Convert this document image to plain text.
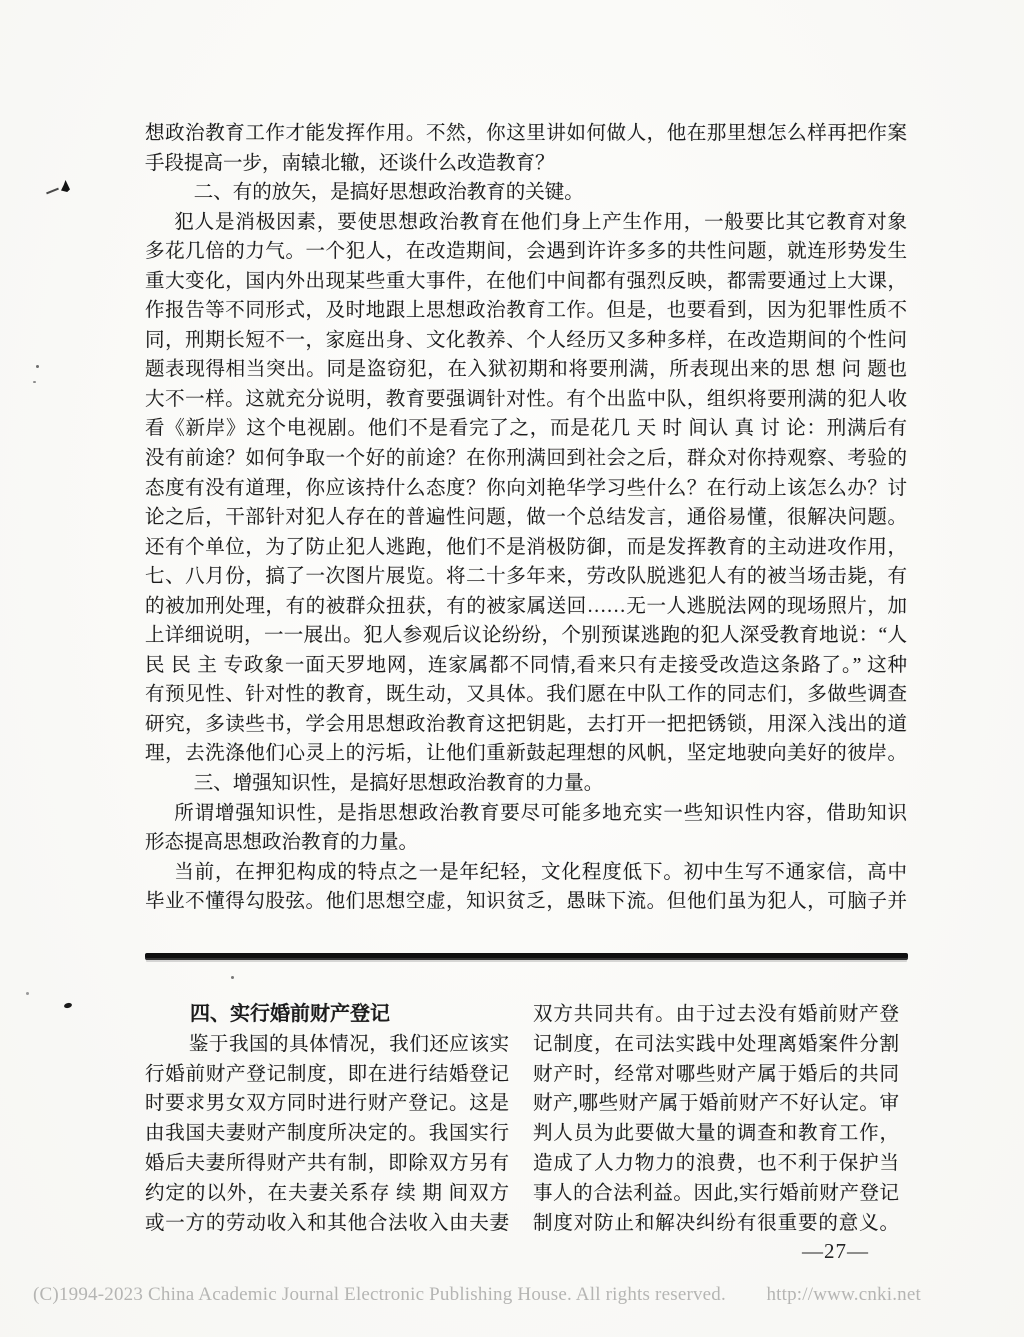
想政治教育工作才能发挥作用。不然，你这里讲如何做人，他在那里想怎么样再把作案
手段提高一步，南辕北辙，还谈什么改造教育？
二、有的放矢，是搞好思想政治教育的关键。
犯人是消极因素，要使思想政治教育在他们身上产生作用，一般要比其它教育对象
多花几倍的力气。一个犯人，在改造期间，会遇到许许多多的共性问题，就连形势发生
重大变化，国内外出现某些重大事件，在他们中间都有强烈反映，都需要通过上大课，
作报告等不同形式，及时地跟上思想政治教育工作。但是，也要看到，因为犯罪性质不
同，刑期长短不一，家庭出身、文化教养、个人经历又多种多样，在改造期间的个性问
题表现得相当突出。同是盗窃犯，在入狱初期和将要刑满，所表现出来的思 想 问 题也
大不一样。这就充分说明，教育要强调针对性。有个出监中队，组织将要刑满的犯人收
看《新岸》这个电视剧。他们不是看完了之，而是花几 天 时 间认 真 讨 论：刑满后有
没有前途？如何争取一个好的前途？在你刑满回到社会之后，群众对你持观察、考验的
态度有没有道理，你应该持什么态度？你向刘艳华学习些什么？在行动上该怎么办？讨
论之后，干部针对犯人存在的普遍性问题，做一个总结发言，通俗易懂，很解决问题。
还有个单位，为了防止犯人逃跑，他们不是消极防御，而是发挥教育的主动进攻作用，
七、八月份，搞了一次图片展览。将二十多年来，劳改队脱逃犯人有的被当场击毙，有
的被加刑处理，有的被群众扭获，有的被家属送回……无一人逃脱法网的现场照片，加
上详细说明，一一展出。犯人参观后议论纷纷，个别预谋逃跑的犯人深受教育地说：“人
民 民 主 专政象一面天罗地网，连家属都不同情,看来只有走接受改造这条路了。” 这种
有预见性、针对性的教育，既生动，又具体。我们愿在中队工作的同志们，多做些调查
研究，多读些书，学会用思想政治教育这把钥匙，去打开一把把锈锁，用深入浅出的道
理，去洗涤他们心灵上的污垢，让他们重新鼓起理想的风帆，坚定地驶向美好的彼岸。
三、增强知识性，是搞好思想政治教育的力量。
所谓增强知识性，是指思想政治教育要尽可能多地充实一些知识性内容，借助知识
形态提高思想政治教育的力量。
当前，在押犯构成的特点之一是年纪轻，文化程度低下。初中生写不通家信，高中
毕业不懂得勾股弦。他们思想空虚，知识贫乏，愚昧下流。但他们虽为犯人，可脑子并
四、实行婚前财产登记
鉴于我国的具体情况，我们还应该实
行婚前财产登记制度，即在进行结婚登记
时要求男女双方同时进行财产登记。这是
由我国夫妻财产制度所决定的。我国实行
婚后夫妻所得财产共有制，即除双方另有
约定的以外，在夫妻关系存 续 期 间双方
或一方的劳动收入和其他合法收入由夫妻
双方共同共有。由于过去没有婚前财产登
记制度，在司法实践中处理离婚案件分割
财产时，经常对哪些财产属于婚后的共同
财产,哪些财产属于婚前财产不好认定。审
判人员为此要做大量的调查和教育工作，
造成了人力物力的浪费，也不利于保护当
事人的合法利益。因此,实行婚前财产登记
制度对防止和解决纠纷有很重要的意义。
—27—
(C)1994-2023 China Academic Journal Electronic Publishing House. All rights reserved. http://www.cnki.net
